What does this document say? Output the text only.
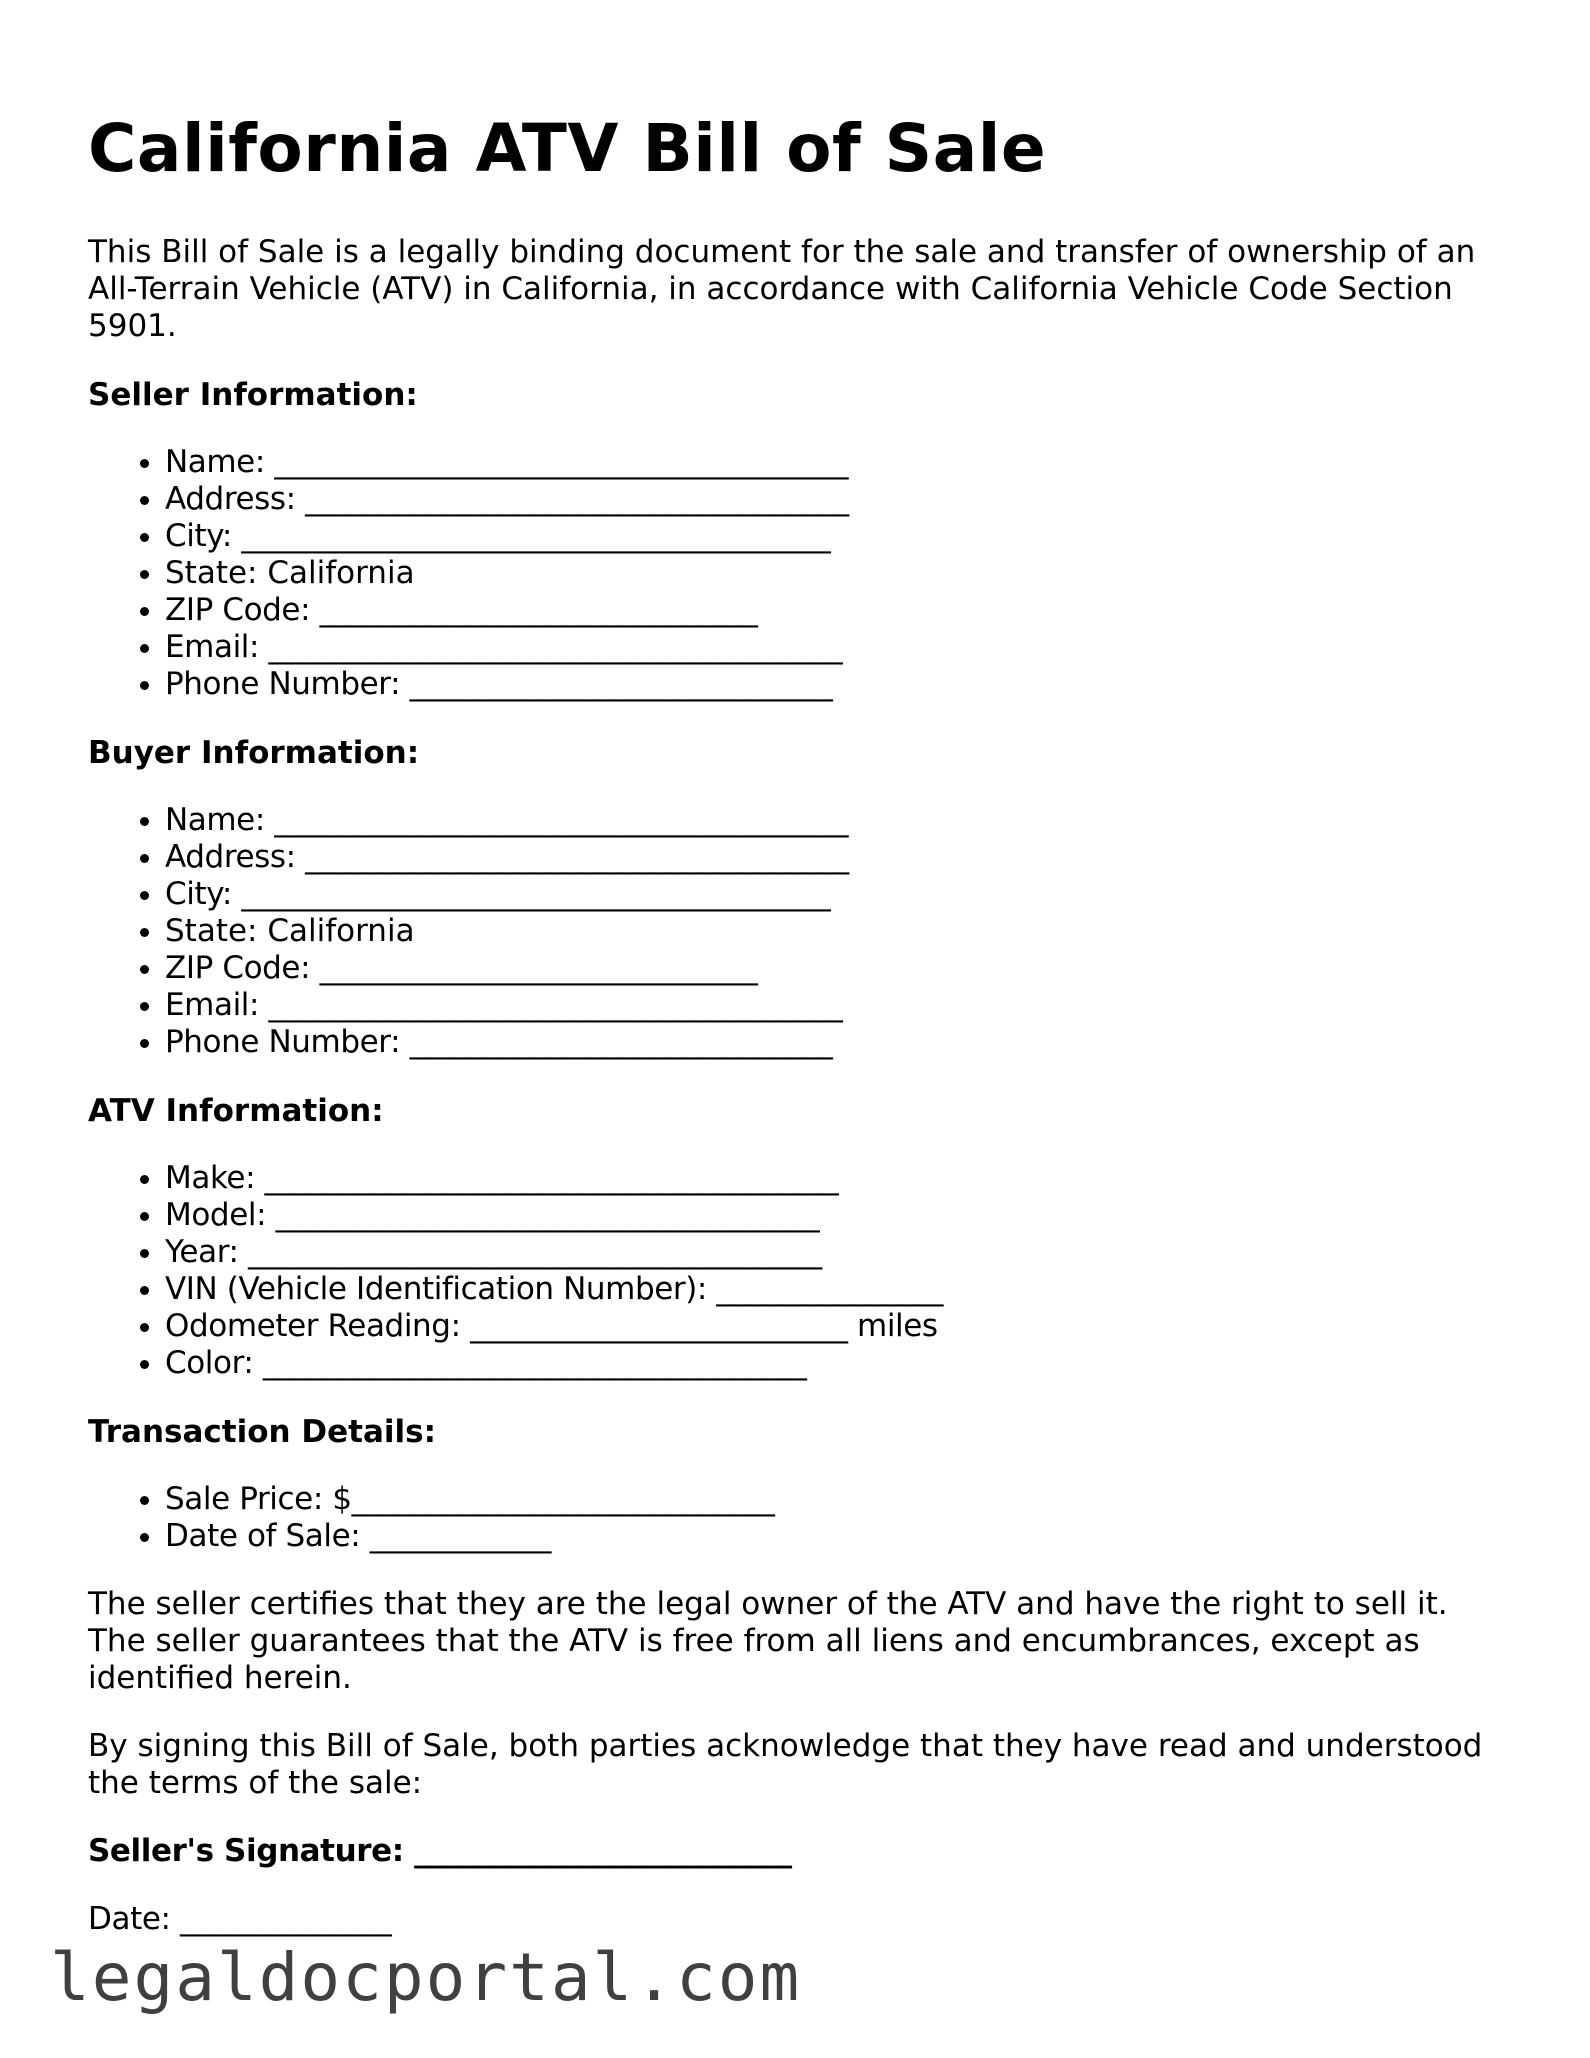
California ATV Bill of Sale

This Bill of Sale is a legally binding document for the sale and transfer of ownership of an All-Terrain Vehicle (ATV) in California, in accordance with California Vehicle Code Section 5901.

Seller Information:
• Name: ______________________________________
• Address: ____________________________________
• City: _______________________________________
• State: California
• ZIP Code: _____________________________
• Email: ______________________________________
• Phone Number: ____________________________
Buyer Information:
• Name: ______________________________________
• Address: ____________________________________
• City: _______________________________________
• State: California
• ZIP Code: _____________________________
• Email: ______________________________________
• Phone Number: ____________________________
ATV Information:
• Make: ______________________________________
• Model: ____________________________________
• Year: ______________________________________
• VIN (Vehicle Identification Number): _______________
• Odometer Reading: _________________________ miles
• Color: ____________________________________
Transaction Details:
• Sale Price: $____________________________
• Date of Sale: ____________

The seller certifies that they are the legal owner of the ATV and have the right to sell it. The seller guarantees that the ATV is free from all liens and encumbrances, except as identified herein.

By signing this Bill of Sale, both parties acknowledge that they have read and understood the terms of the sale:

Seller's Signature: _________________________
Date: ______________
legaldocportal.com
